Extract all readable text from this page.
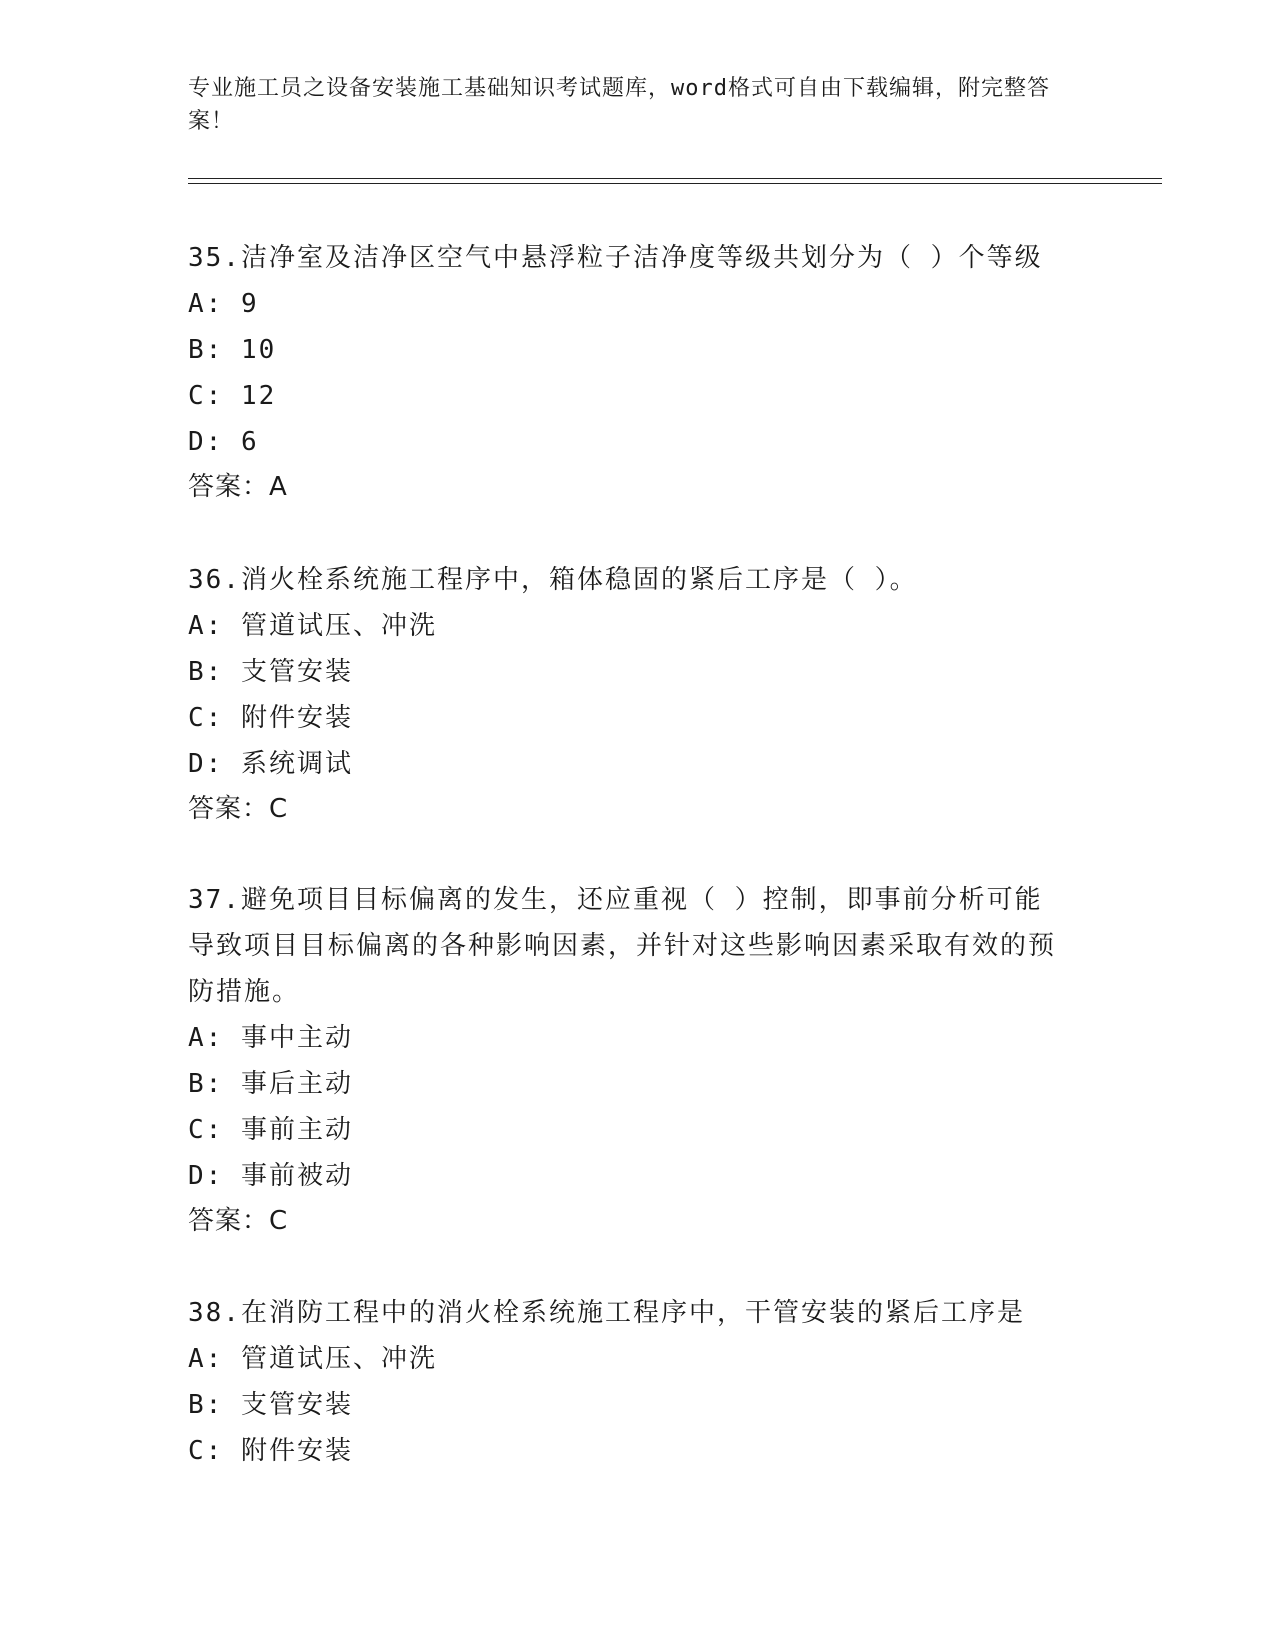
专业施工员之设备安装施工基础知识考试题库，word格式可自由下载编辑，附完整答案！

35.洁净室及洁净区空气中悬浮粒子洁净度等级共划分为（ ）个等级

A: 9

B: 10

C: 12

D: 6

答案：A

36.消火栓系统施工程序中，箱体稳固的紧后工序是（ ）。

A: 管道试压、冲洗

B: 支管安装

C: 附件安装

D: 系统调试

答案：C

37.避免项目目标偏离的发生，还应重视（ ）控制，即事前分析可能导致项目目标偏离的各种影响因素，并针对这些影响因素采取有效的预防措施。

A: 事中主动

B: 事后主动

C: 事前主动

D: 事前被动

答案：C

38.在消防工程中的消火栓系统施工程序中，干管安装的紧后工序是

A: 管道试压、冲洗

B: 支管安装

C: 附件安装
